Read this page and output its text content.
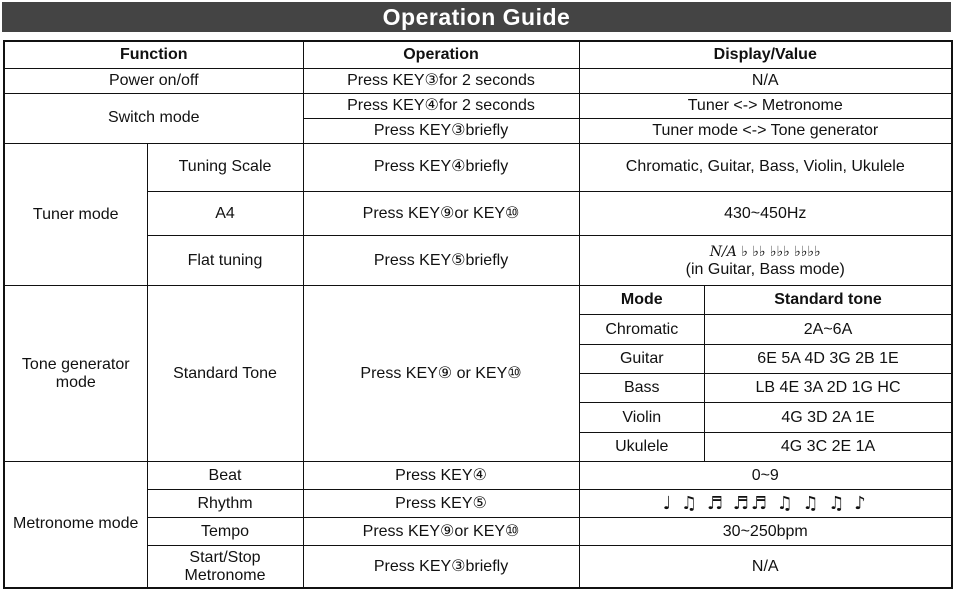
Operation Guide
Function	Operation	Display/Value
Power on/off	Press KEY③for 2 seconds	N/A
Switch mode	Press KEY④for 2 seconds	Tuner <-> Metronome
Press KEY③briefly	Tuner mode <-> Tone generator
Tuner mode	Tuning Scale	Press KEY④briefly	Chromatic, Guitar, Bass, Violin, Ukulele
A4	Press KEY⑨or KEY⑩	430~450Hz
Flat tuning	Press KEY⑤briefly	N/A ♭ ♭♭ ♭♭♭ ♭♭♭♭
(in Guitar, Bass mode)

Tone generator mode	Standard Tone	Press KEY⑨ or KEY⑩	
Mode	Standard tone
Chromatic	2A~6A
Guitar	6E 5A 4D 3G 2B 1E
Bass	LB 4E 3A 2D 1G HC
Violin	4G 3D 2A 1E
Ukulele	4G 3C 2E 1A

Metronome mode	Beat	Press KEY④	0~9
Rhythm	Press KEY⑤	♩ ♫ ♬ ♬♬ ♫ ♫ ♫ ♪
Tempo	Press KEY⑨or KEY⑩	30~250bpm
Start/Stop Metronome	Press KEY③briefly	N/A
